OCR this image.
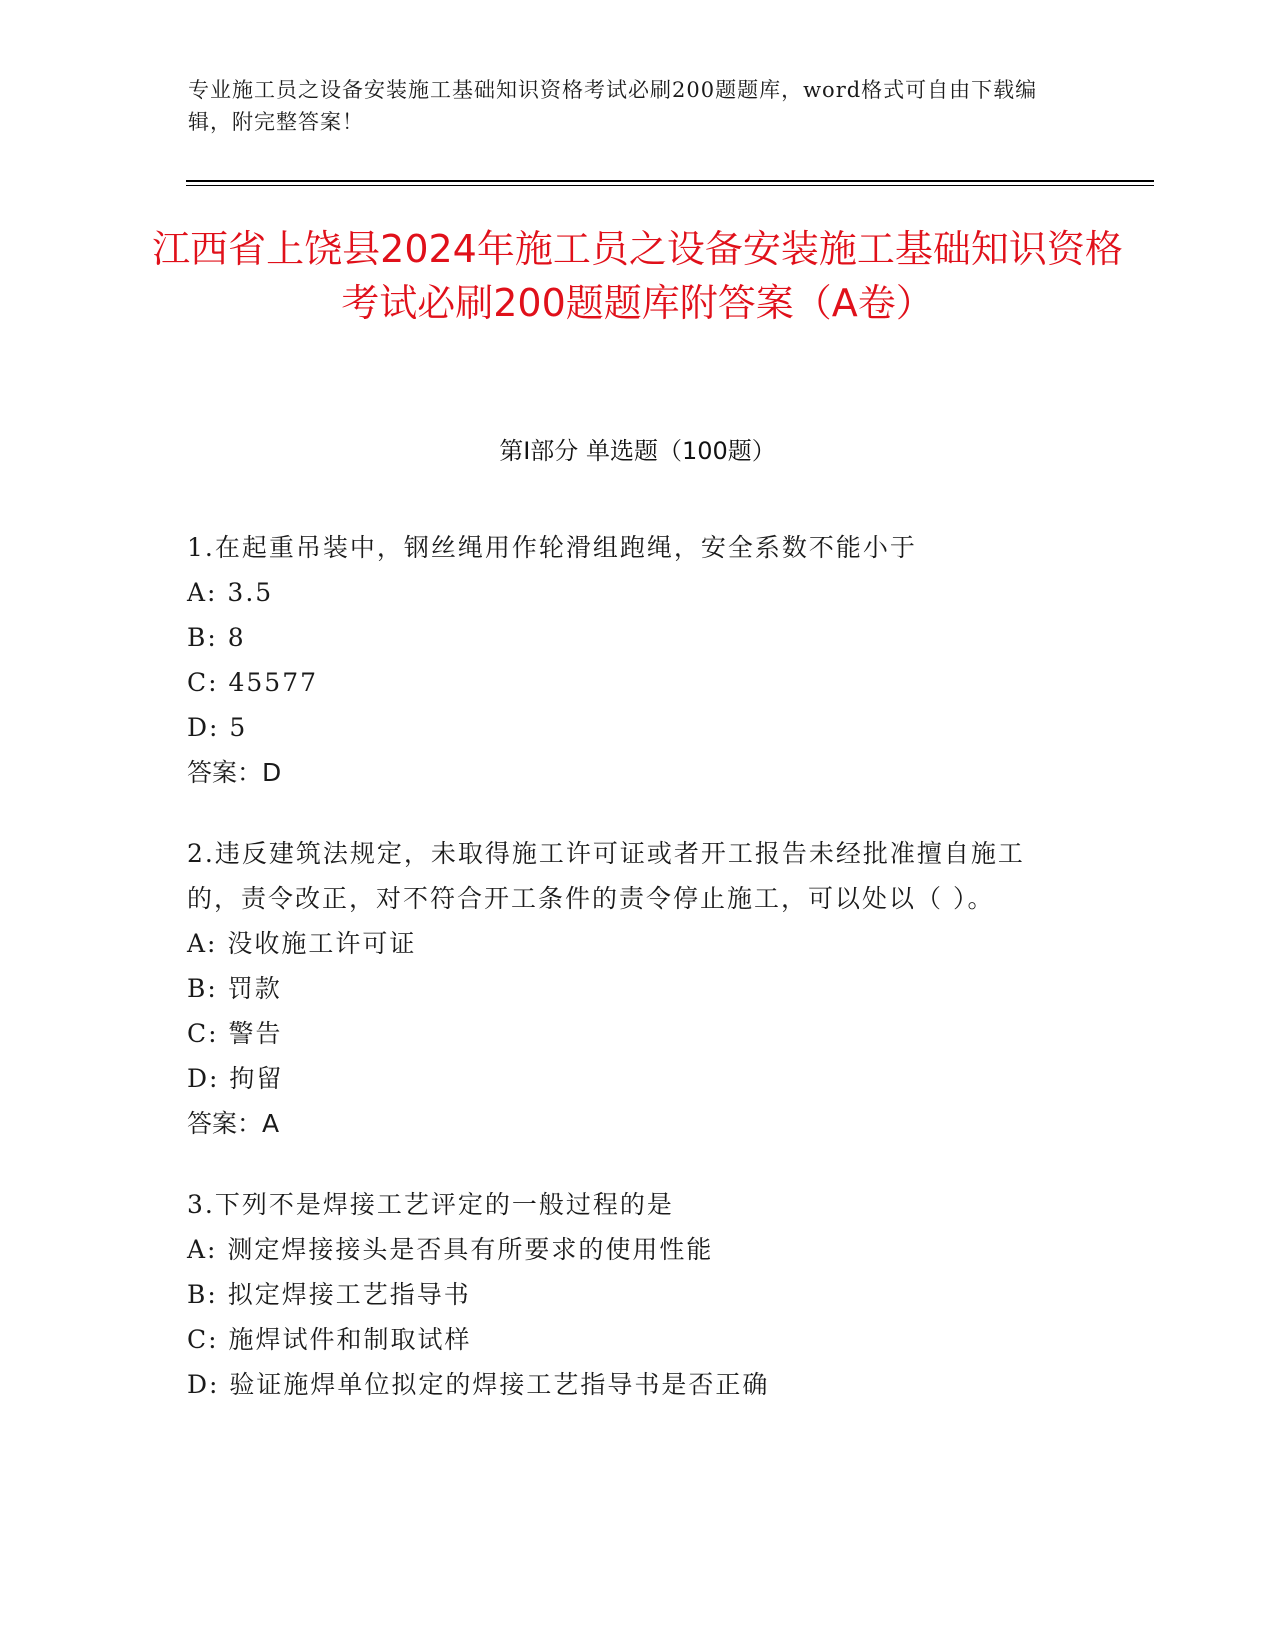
专业施工员之设备安装施工基础知识资格考试必刷200题题库，word格式可自由下载编辑，附完整答案！
江西省上饶县2024年施工员之设备安装施工基础知识资格考试必刷200题题库附答案（A卷）
第Ⅰ部分 单选题（100题）
1.在起重吊装中，钢丝绳用作轮滑组跑绳，安全系数不能小于
A: 3.5
B: 8
C: 45577
D: 5
答案：D
2.违反建筑法规定，未取得施工许可证或者开工报告未经批准擅自施工的，责令改正，对不符合开工条件的责令停止施工，可以处以（ ）。
A: 没收施工许可证
B: 罚款
C: 警告
D: 拘留
答案：A
3.下列不是焊接工艺评定的一般过程的是
A: 测定焊接接头是否具有所要求的使用性能
B: 拟定焊接工艺指导书
C: 施焊试件和制取试样
D: 验证施焊单位拟定的焊接工艺指导书是否正确
